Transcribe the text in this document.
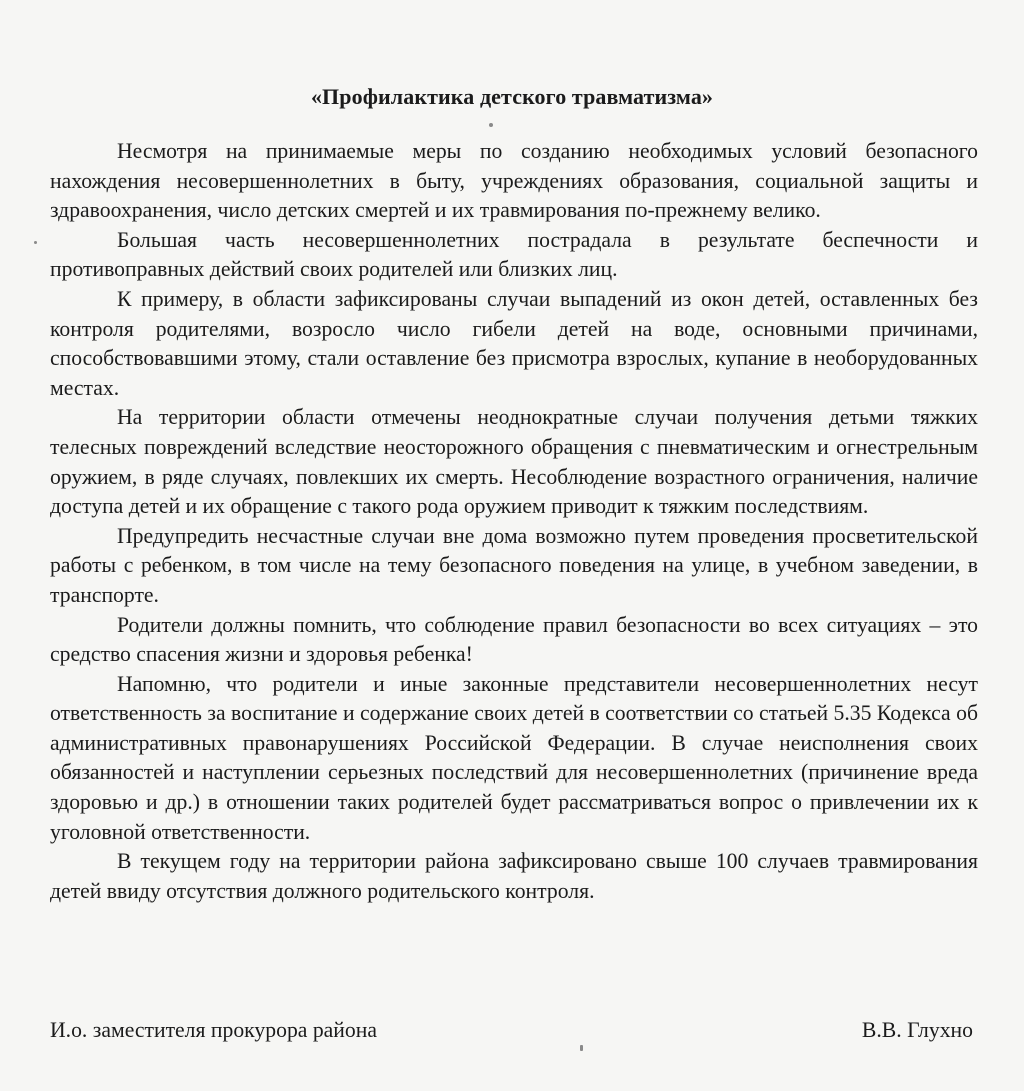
«Профилактика детского травматизма»

Несмотря на принимаемые меры по созданию необходимых условий безопасного нахождения несовершеннолетних в быту, учреждениях образования, социальной защиты и здравоохранения, число детских смертей и их травмирования по-прежнему велико.

Большая часть несовершеннолетних пострадала в результате беспечности и противоправных действий своих родителей или близких лиц.

К примеру, в области зафиксированы случаи выпадений из окон детей, оставленных без контроля родителями, возросло число гибели детей на воде, основными причинами, способствовавшими этому, стали оставление без присмотра взрослых, купание в необорудованных местах.

На территории области отмечены неоднократные случаи получения детьми тяжких телесных повреждений вследствие неосторожного обращения с пневматическим и огнестрельным оружием, в ряде случаях, повлекших их смерть. Несоблюдение возрастного ограничения, наличие доступа детей и их обращение с такого рода оружием приводит к тяжким последствиям.

Предупредить несчастные случаи вне дома возможно путем проведения просветительской работы с ребенком, в том числе на тему безопасного поведения на улице, в учебном заведении, в транспорте.

Родители должны помнить, что соблюдение правил безопасности во всех ситуациях – это средство спасения жизни и здоровья ребенка!

Напомню, что родители и иные законные представители несовершеннолетних несут ответственность за воспитание и содержание своих детей в соответствии со статьей 5.35 Кодекса об административных правонарушениях Российской Федерации. В случае неисполнения своих обязанностей и наступлении серьезных последствий для несовершеннолетних (причинение вреда здоровью и др.) в отношении таких родителей будет рассматриваться вопрос о привлечении их к уголовной ответственности.

В текущем году на территории района зафиксировано свыше 100 случаев травмирования детей ввиду отсутствия должного родительского контроля.

И.о. заместителя прокурора района	В.В. Глухно
